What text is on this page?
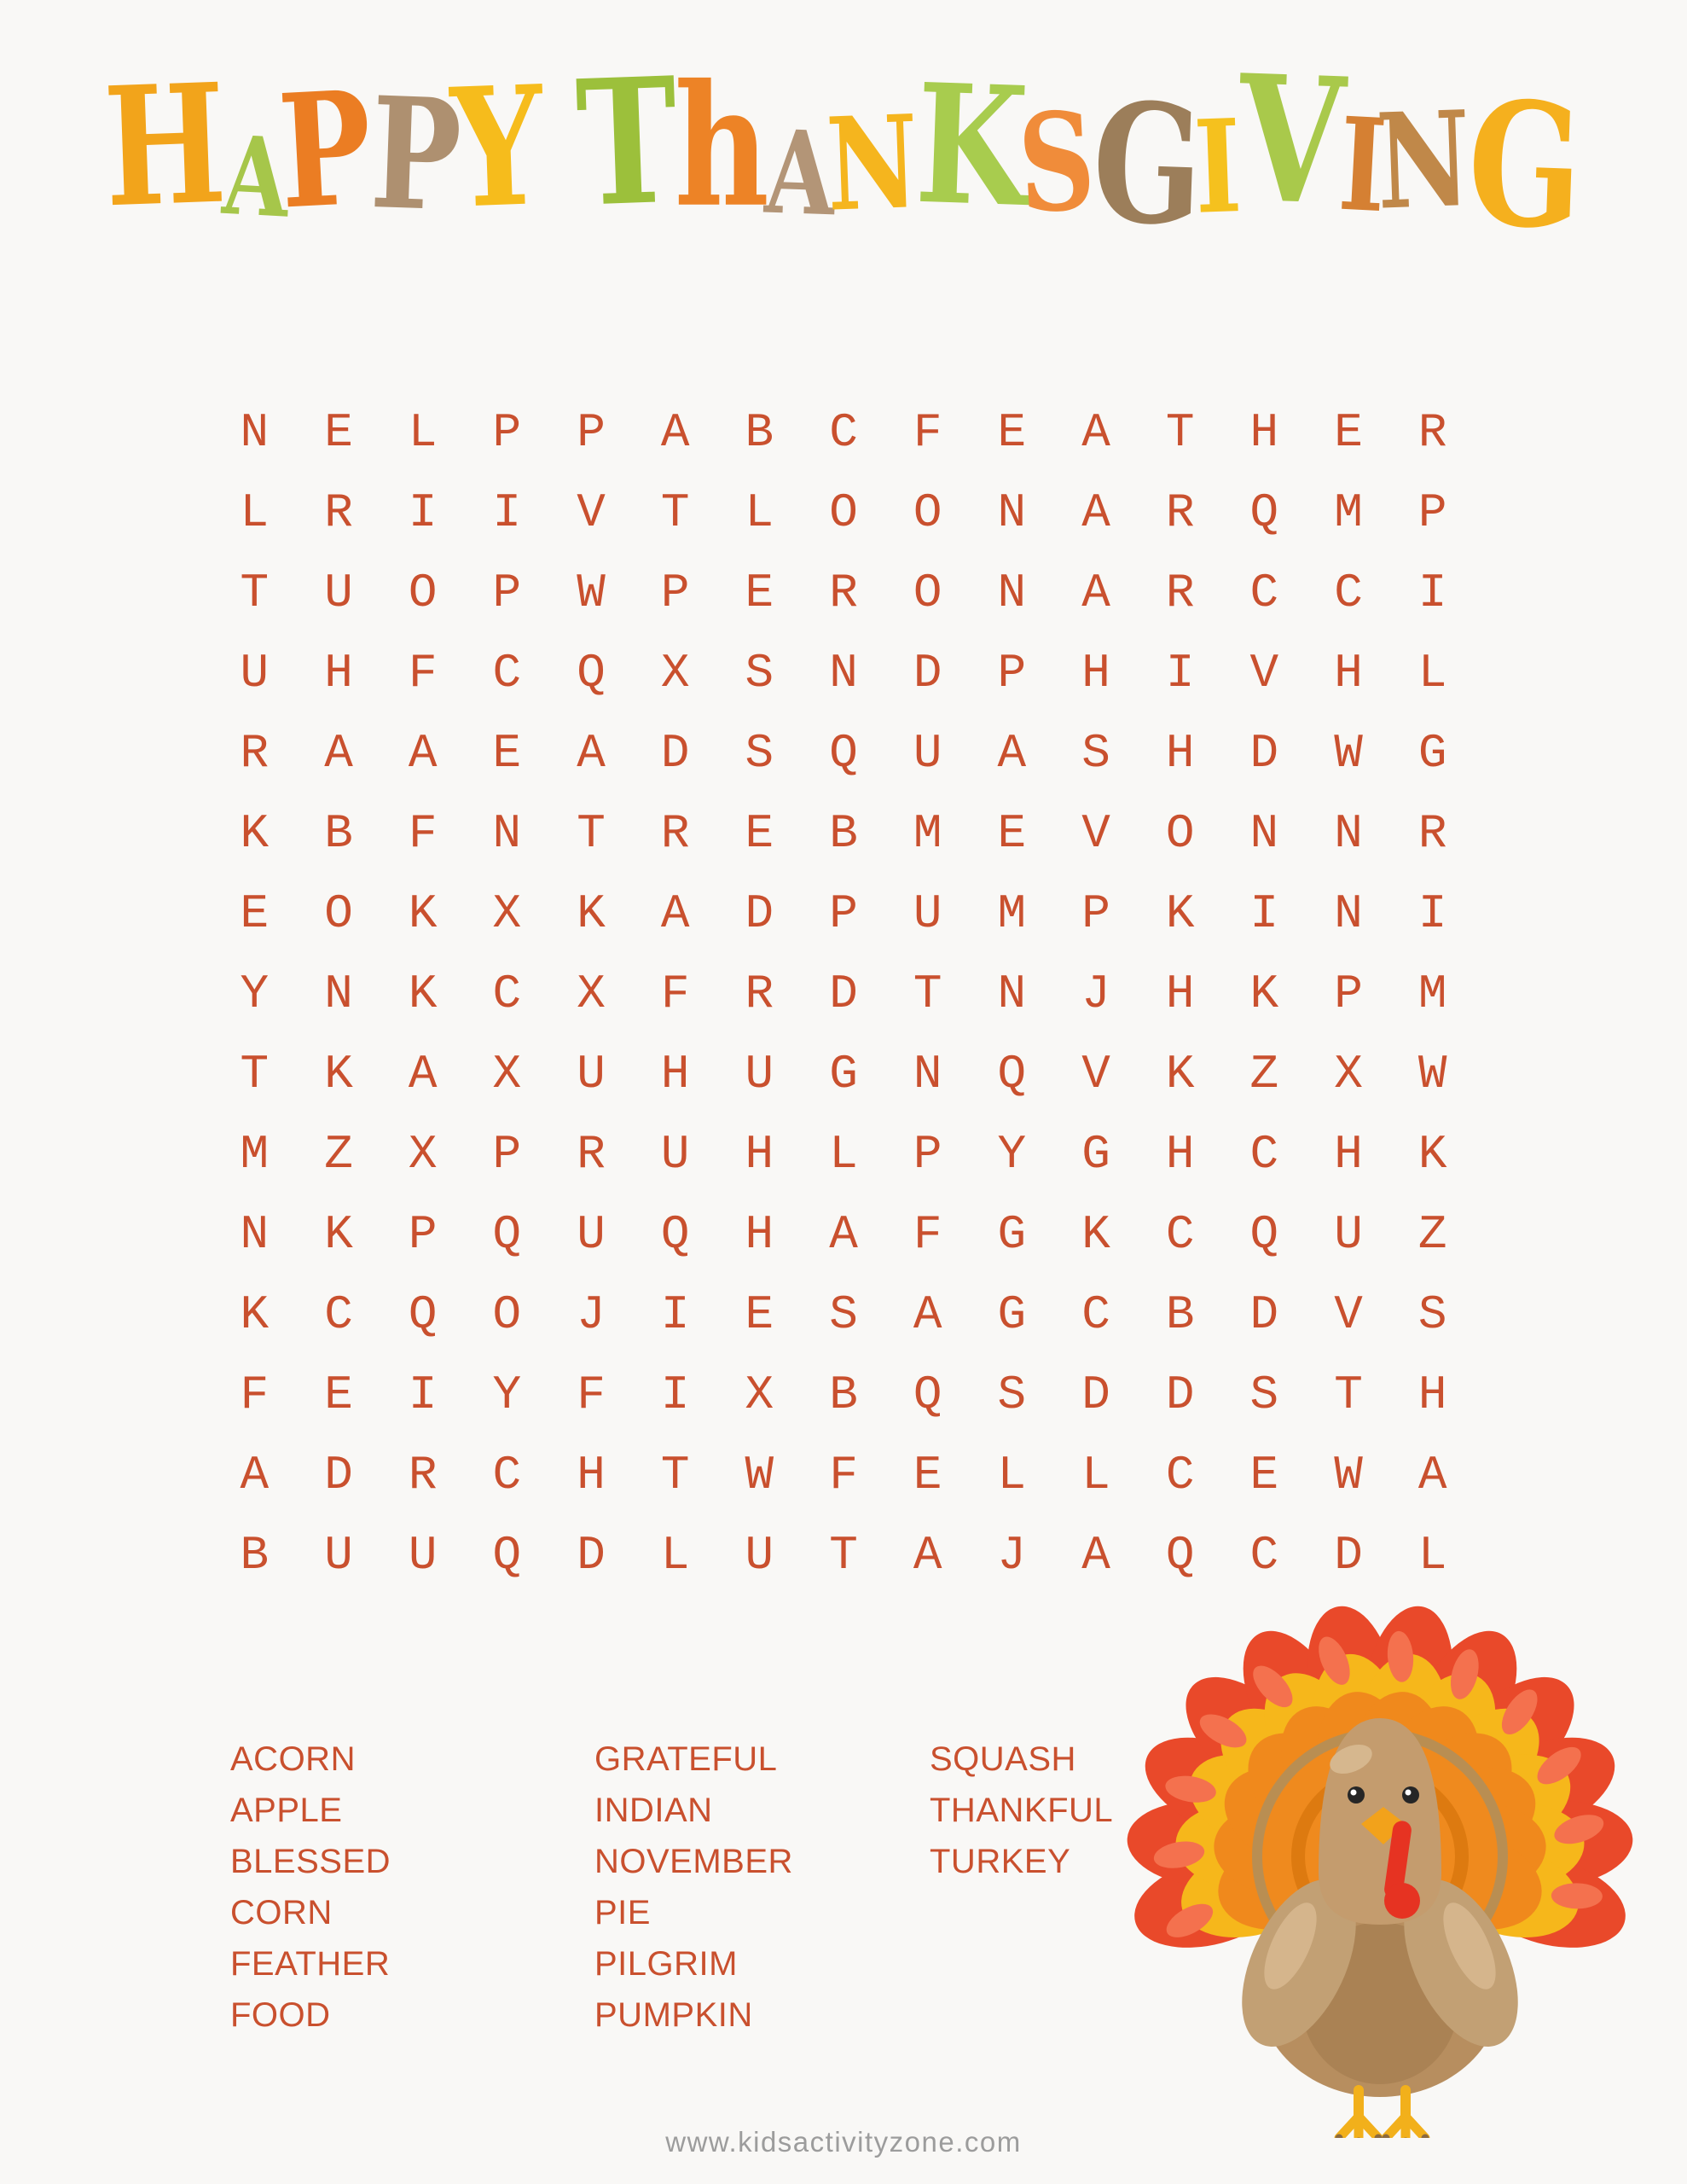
HAPPY ThANKSGIVING
N	E	L	P	P	A	B	C	F	E	A	T	H	E	R
L	R	I	I	V	T	L	O	O	N	A	R	Q	M	P
T	U	O	P	W	P	E	R	O	N	A	R	C	C	I
U	H	F	C	Q	X	S	N	D	P	H	I	V	H	L
R	A	A	E	A	D	S	Q	U	A	S	H	D	W	G
K	B	F	N	T	R	E	B	M	E	V	O	N	N	R
E	O	K	X	K	A	D	P	U	M	P	K	I	N	I
Y	N	K	C	X	F	R	D	T	N	J	H	K	P	M
T	K	A	X	U	H	U	G	N	Q	V	K	Z	X	W
M	Z	X	P	R	U	H	L	P	Y	G	H	C	H	K
N	K	P	Q	U	Q	H	A	F	G	K	C	Q	U	Z
K	C	Q	O	J	I	E	S	A	G	C	B	D	V	S
F	E	I	Y	F	I	X	B	Q	S	D	D	S	T	H
A	D	R	C	H	T	W	F	E	L	L	C	E	W	A
B	U	U	Q	D	L	U	T	A	J	A	Q	C	D	L
ACORN
APPLE
BLESSED
CORN
FEATHER
FOOD
GRATEFUL
INDIAN
NOVEMBER
PIE
PILGRIM
PUMPKIN
SQUASH
THANKFUL
TURKEY
www.kidsactivityzone.com
